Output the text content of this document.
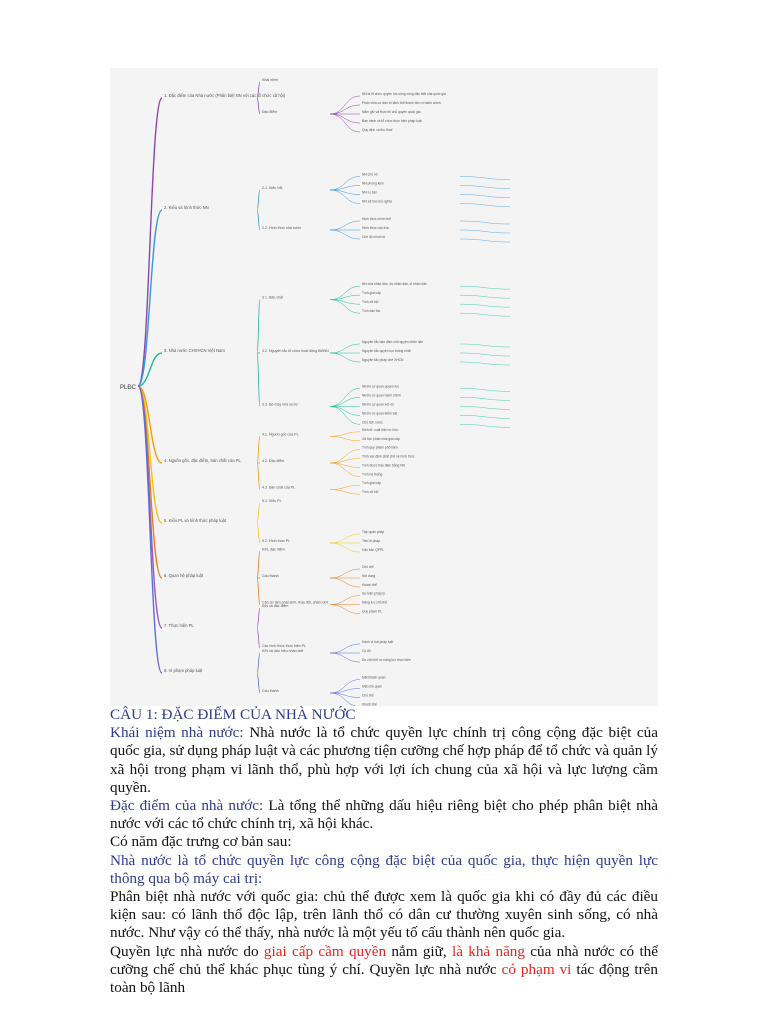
PLĐC
1. Đặc điểm của Nhà nước (Phân biệt NN với các tổ chức xã hội)
Khái niệm
Đặc điểm
NN là tổ chức quyền lực công cộng đặc biệt của quốc gia
Phân chia cư dân từ lãnh thổ thành đơn vị hành chính
Nắm giữ và thực thi chủ quyền quốc gia
Ban hành và tổ chức thực hiện pháp luật
Quy định và thu thuế
2. Kiểu và hình thức NN
2.1. Kiểu NN
NN chủ nô
NN phong kiến
NN tư sản
NN xã hội chủ nghĩa
2.2. Hình thức nhà nước
Hình thức chính thể
Hình thức cấu trúc
Chế độ chính trị
3. Nhà nước CHXHCN Việt Nam
3.1. Bản chất
NN của nhân dân, do nhân dân, vì nhân dân
Tính giai cấp
Tính xã hội
Tính dân tộc
3.2. Nguyên tắc tổ chức hoạt động BMNN
Nguyên tắc bảo đảm chủ quyền nhân dân
Nguyên tắc quyền lực thống nhất
Nguyên tắc pháp chế XHCN
3.3. Bộ máy nhà nước
Nhóm cơ quan quyền lực
Nhóm cơ quan hành chính
Nhóm cơ quan xét xử
Nhóm cơ quan kiểm sát
Chủ tịch nước
4. Nguồn gốc, đặc điểm, bản chất của PL
4.1. Nguồn gốc của PL
Kinh tế: xuất hiện tư hữu
Xã hội: phân chia giai cấp
4.2. Đặc điểm
Tính quy phạm phổ biến
Tính xác định chặt chẽ về hình thức
Tính được bảo đảm bằng NN
Tính hệ thống
4.3. Bản chất của PL
Tính giai cấp
Tính xã hội
5. Kiểu PL và hình thức pháp luật
5.1. Kiểu PL
5.2. Hình thức PL
Tập quán pháp
Tiền lệ pháp
Văn bản QPPL
6. Quan hệ pháp luật
K/N, đặc điểm
Cấu thành
Chủ thể
Nội dung
Khách thể
Căn cứ làm phát sinh, thay đổi, chấm dứt
Sự kiện pháp lý
Năng lực chủ thể
Quy phạm PL
7. Thực hiện PL
K/N và đặc điểm
Các hình thức thực hiện PL
8. Vi phạm pháp luật
K/N và dấu hiệu nhận biết
Hành vi trái pháp luật
Có lỗi
Do chủ thể có năng lực thực hiện
Cấu thành
Mặt khách quan
Mặt chủ quan
Chủ thể
Khách thể

CÂU 1: ĐẶC ĐIỂM CỦA NHÀ NƯỚC

Khái niệm nhà nước: Nhà nước là tổ chức quyền lực chính trị công cộng đặc biệt của quốc gia, sử dụng pháp luật và các phương tiện cưỡng chế hợp pháp để tổ chức và quản lý xã hội trong phạm vi lãnh thổ, phù hợp với lợi ích chung của xã hội và lực lượng cầm quyền.

Đặc điểm của nhà nước: Là tổng thể những dấu hiệu riêng biệt cho phép phân biệt nhà nước với các tổ chức chính trị, xã hội khác.

Có năm đặc trưng cơ bản sau:

Nhà nước là tổ chức quyền lực công cộng đặc biệt của quốc gia, thực hiện quyền lực thông qua bộ máy cai trị:

Phân biệt nhà nước với quốc gia: chủ thể được xem là quốc gia khi có đầy đủ các điều kiện sau: có lãnh thổ độc lập, trên lãnh thổ có dân cư thường xuyên sinh sống, có nhà nước. Như vậy có thể thấy, nhà nước là một yếu tố cấu thành nên quốc gia.

Quyền lực nhà nước do giai cấp cầm quyền nắm giữ, là khả năng của nhà nước có thể cưỡng chế chủ thể khác phục tùng ý chí. Quyền lực nhà nước có phạm vi tác động trên toàn bộ lãnh
